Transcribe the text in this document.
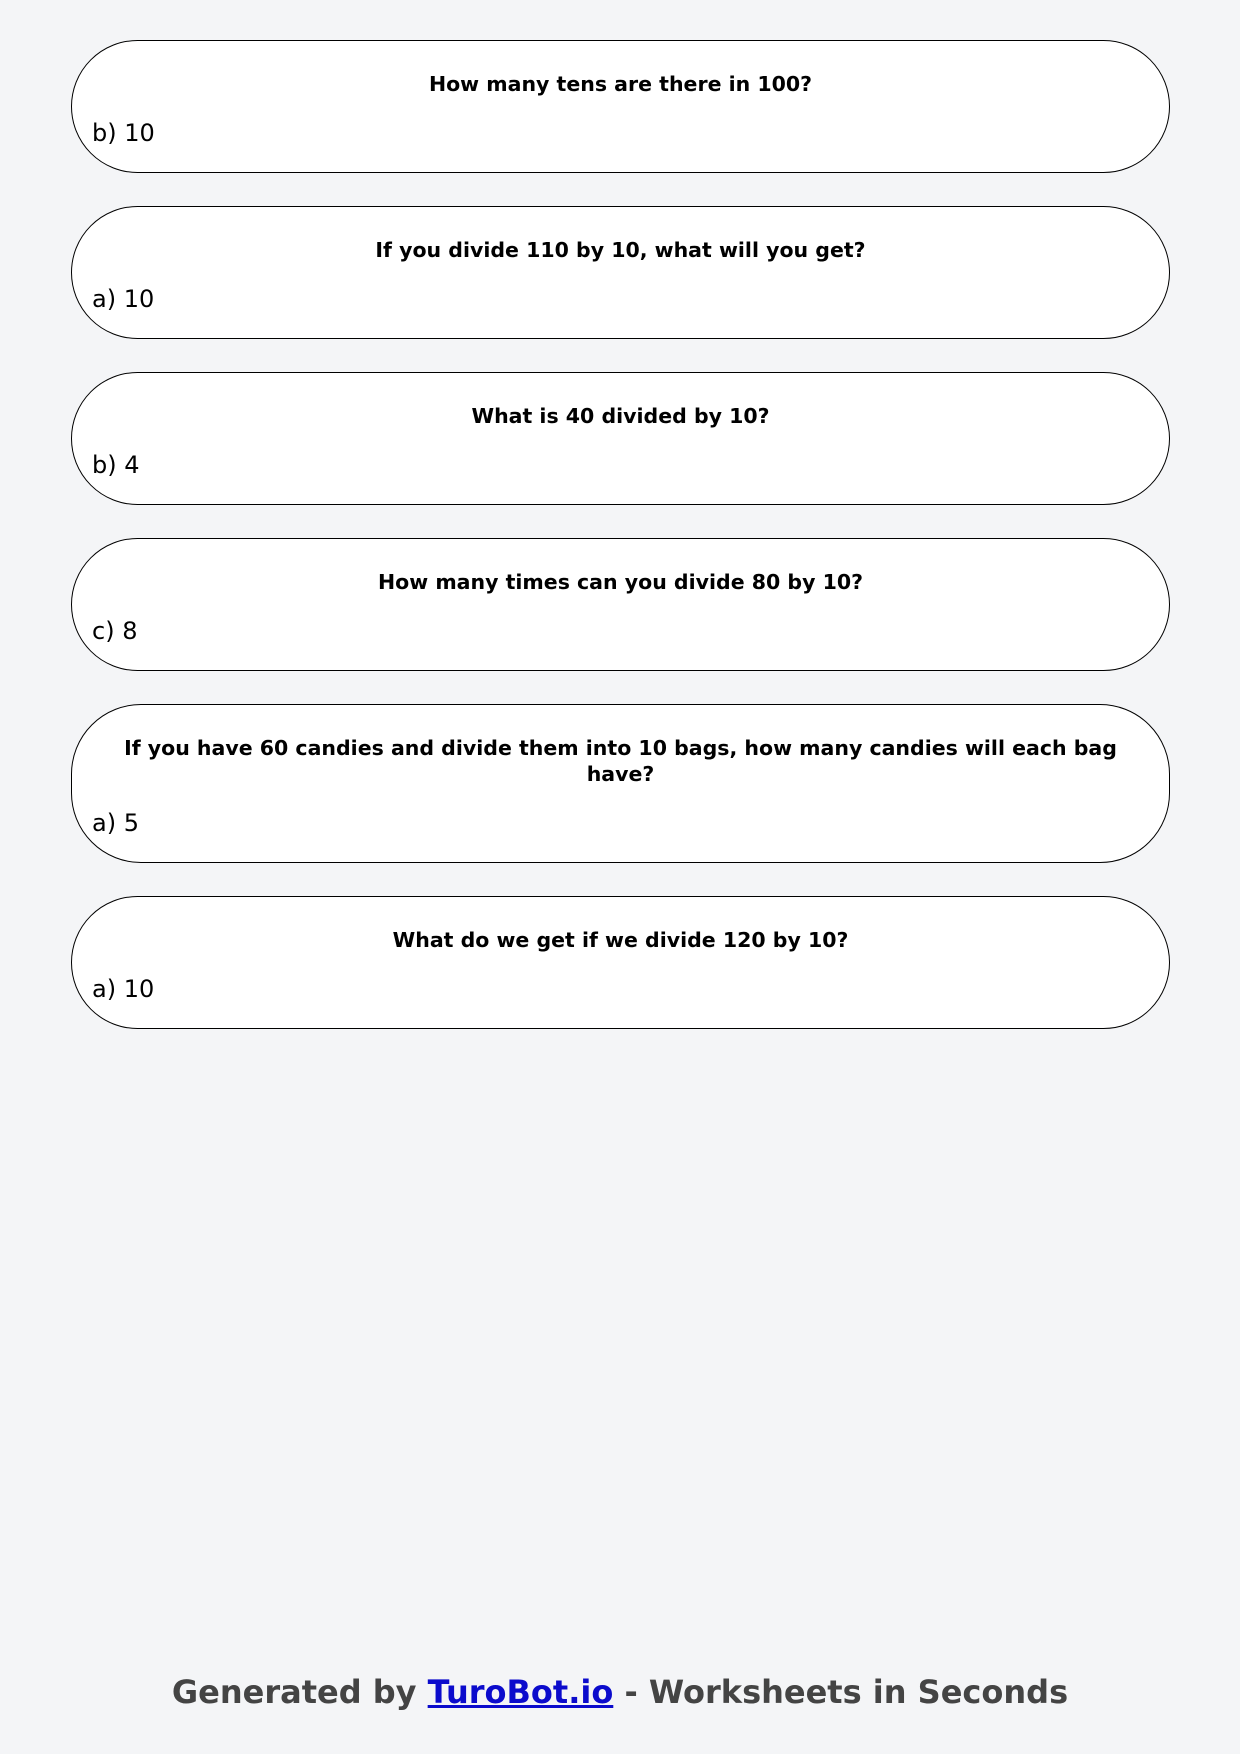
How many tens are there in 100?

b) 10

If you divide 110 by 10, what will you get?

a) 10

What is 40 divided by 10?

b) 4

How many times can you divide 80 by 10?

c) 8

If you have 60 candies and divide them into 10 bags, how many candies will each bag have?

a) 5

What do we get if we divide 120 by 10?

a) 10

Generated by TuroBot.io - Worksheets in Seconds
